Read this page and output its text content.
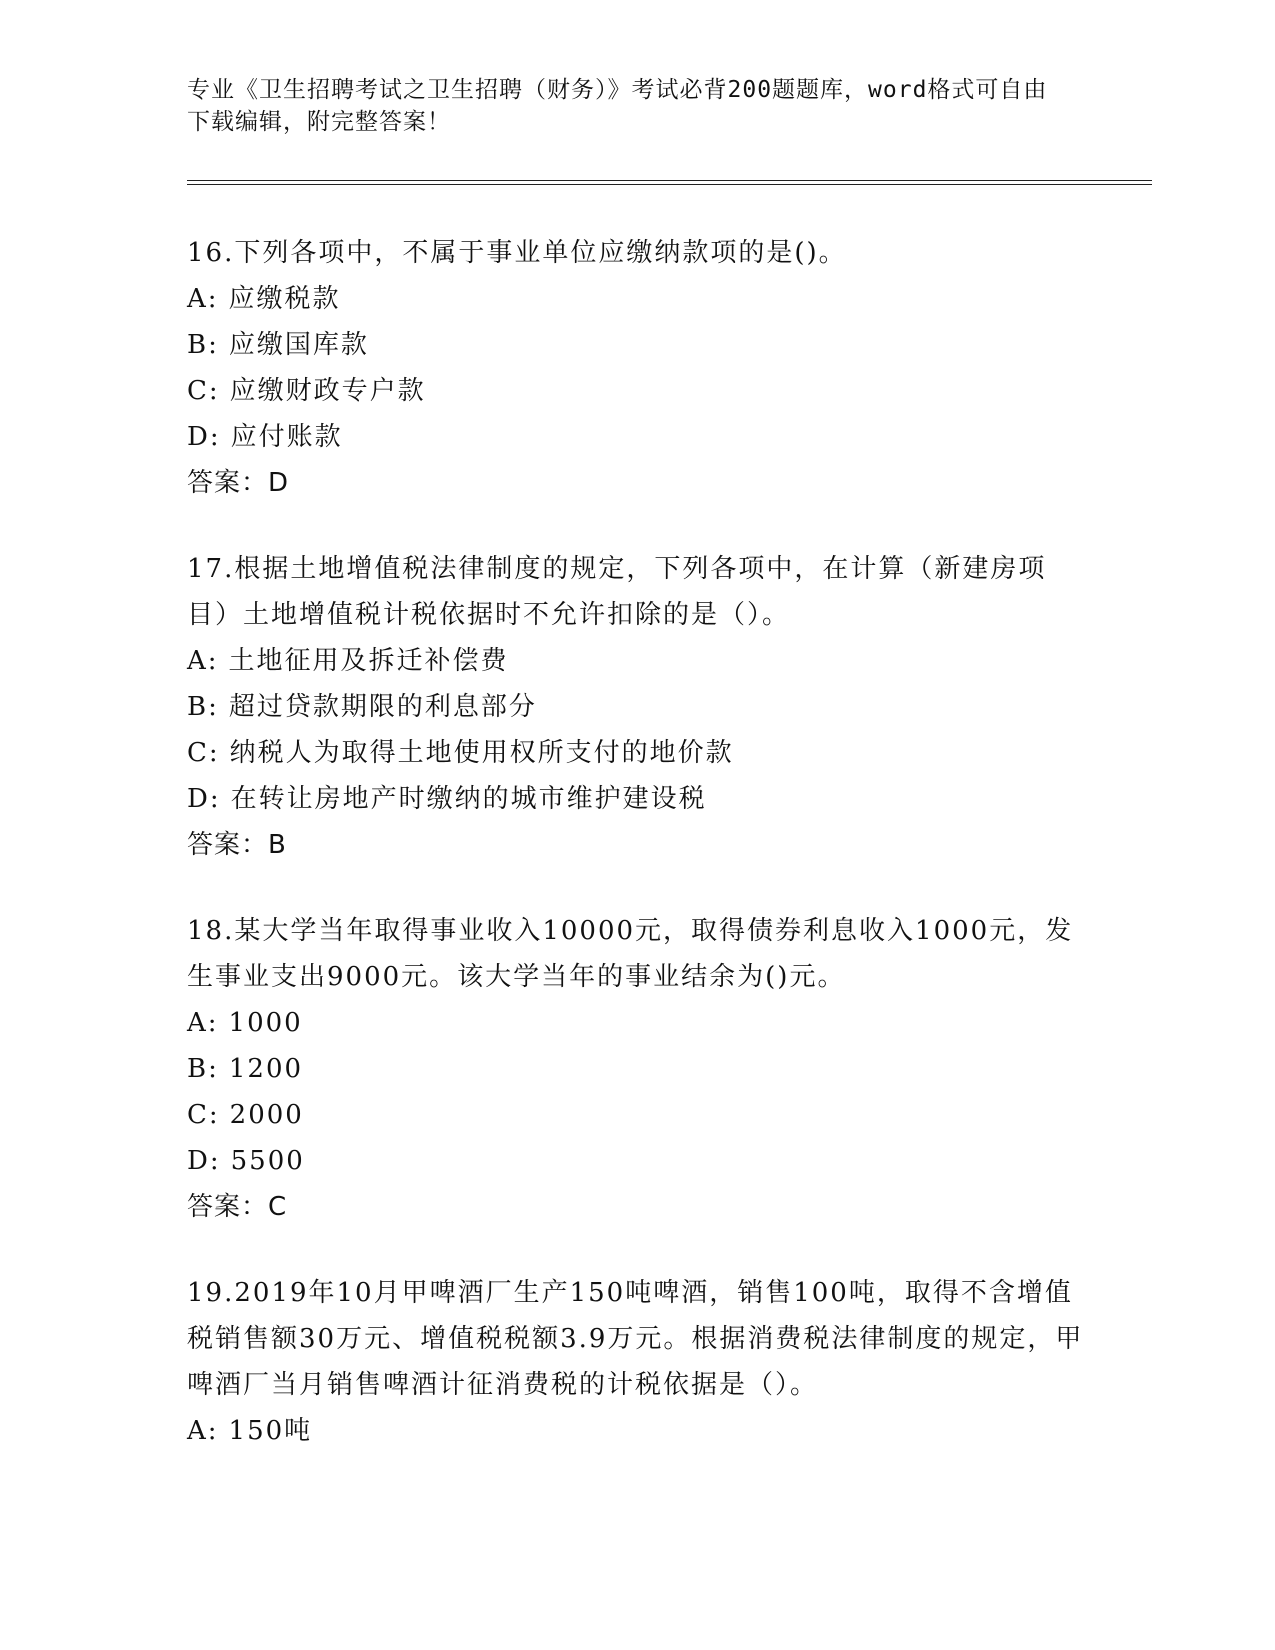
专业《卫生招聘考试之卫生招聘（财务）》考试必背200题题库，word格式可自由下载编辑，附完整答案！

16.下列各项中，不属于事业单位应缴纳款项的是()。

A: 应缴税款

B: 应缴国库款

C: 应缴财政专户款

D: 应付账款

答案：D

17.根据土地增值税法律制度的规定，下列各项中，在计算（新建房项目）土地增值税计税依据时不允许扣除的是（）。

A: 土地征用及拆迁补偿费

B: 超过贷款期限的利息部分

C: 纳税人为取得土地使用权所支付的地价款

D: 在转让房地产时缴纳的城市维护建设税

答案：B

18.某大学当年取得事业收入10000元，取得债券利息收入1000元，发生事业支出9000元。该大学当年的事业结余为()元。

A: 1000

B: 1200

C: 2000

D: 5500

答案：C

19.2019年10月甲啤酒厂生产150吨啤酒，销售100吨，取得不含增值税销售额30万元、增值税税额3.9万元。根据消费税法律制度的规定，甲啤酒厂当月销售啤酒计征消费税的计税依据是（）。

A: 150吨
